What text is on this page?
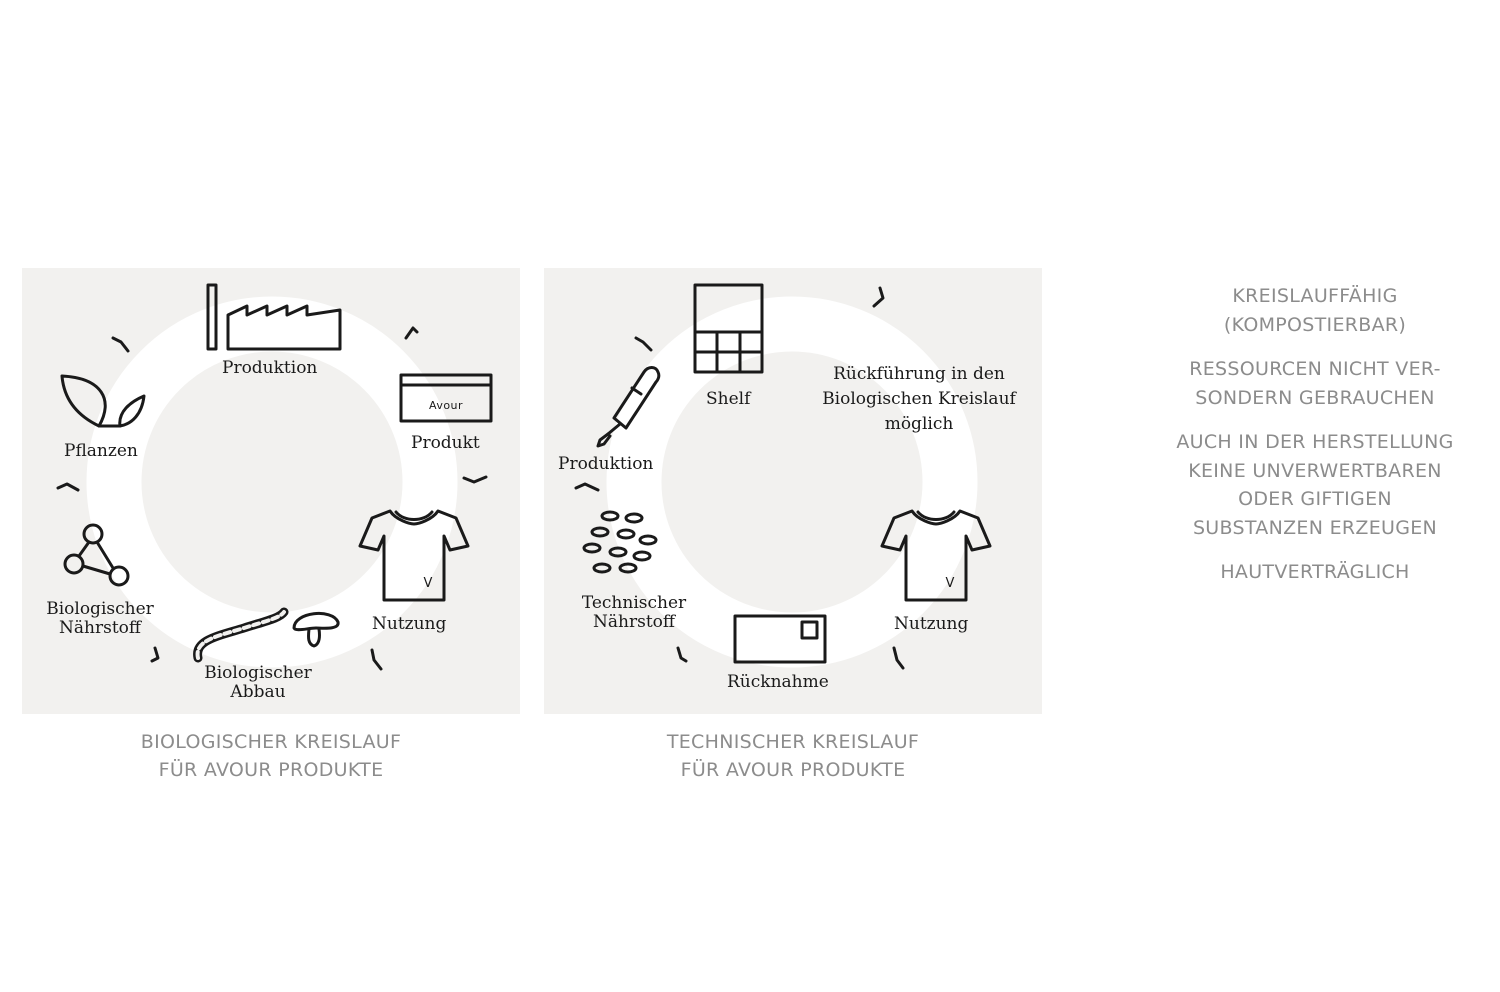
Avour
V
Produktion
Produkt
Pflanzen
Biologischer
Nährstoff
Biologischer
Abbau
Nutzung
BIOLOGISCHER KREISLAUF
FÜR AVOUR PRODUKTE
V
Shelf
Rückführung in den
Biologischen Kreislauf
möglich
Produktion
Technischer
Nährstoff	Nutzung
Rücknahme
TECHNISCHER KREISLAUF
FÜR AVOUR PRODUKTE
KREISLAUFFÄHIG
(KOMPOSTIERBAR)
RESSOURCEN NICHT VER-
SONDERN GEBRAUCHEN
AUCH IN DER HERSTELLUNG
KEINE UNVERWERTBAREN
ODER GIFTIGEN
SUBSTANZEN ERZEUGEN
HAUTVERTRÄGLICH
